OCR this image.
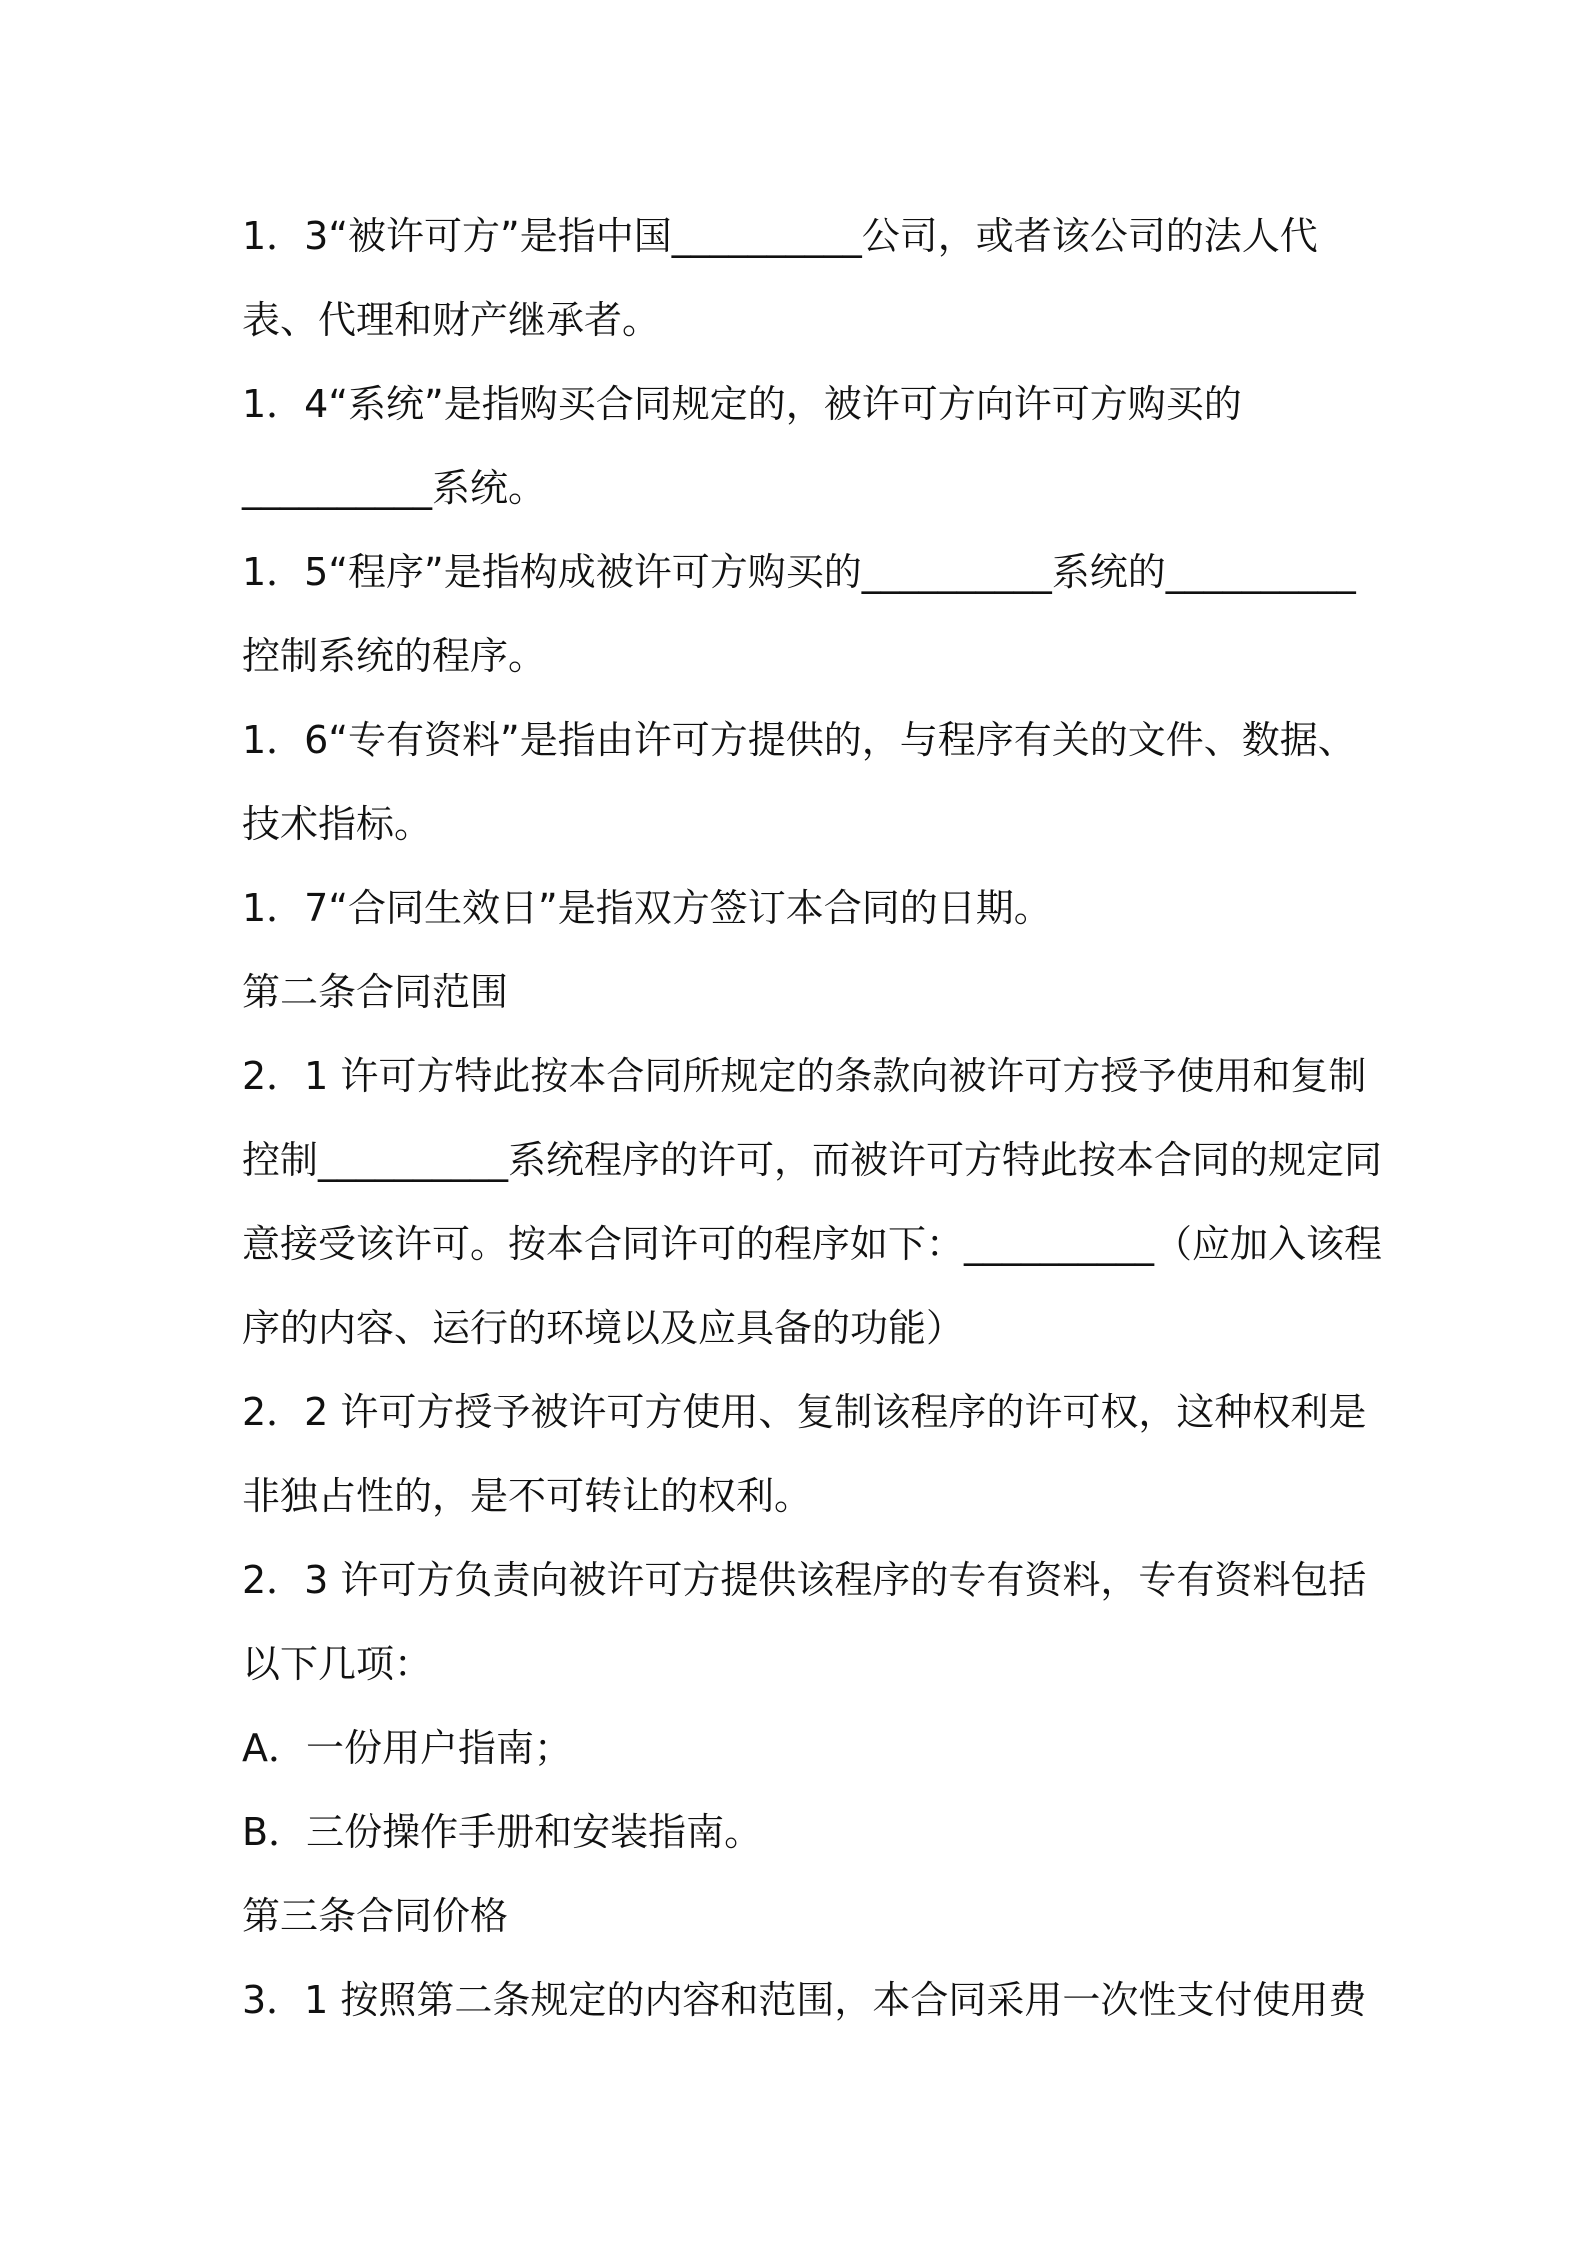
1．3“被许可方”是指中国__________公司，或者该公司的法人代
表、代理和财产继承者。
1．4“系统”是指购买合同规定的，被许可方向许可方购买的
__________系统。
1．5“程序”是指构成被许可方购买的__________系统的__________
控制系统的程序。
1．6“专有资料”是指由许可方提供的，与程序有关的文件、数据、
技术指标。
1．7“合同生效日”是指双方签订本合同的日期。
第二条合同范围
2．1 许可方特此按本合同所规定的条款向被许可方授予使用和复制
控制__________系统程序的许可，而被许可方特此按本合同的规定同
意接受该许可。按本合同许可的程序如下：__________（应加入该程
序的内容、运行的环境以及应具备的功能）
2．2 许可方授予被许可方使用、复制该程序的许可权，这种权利是
非独占性的，是不可转让的权利。
2．3 许可方负责向被许可方提供该程序的专有资料，专有资料包括
以下几项：
A．一份用户指南；
B．三份操作手册和安装指南。
第三条合同价格
3．1 按照第二条规定的内容和范围，本合同采用一次性支付使用费
